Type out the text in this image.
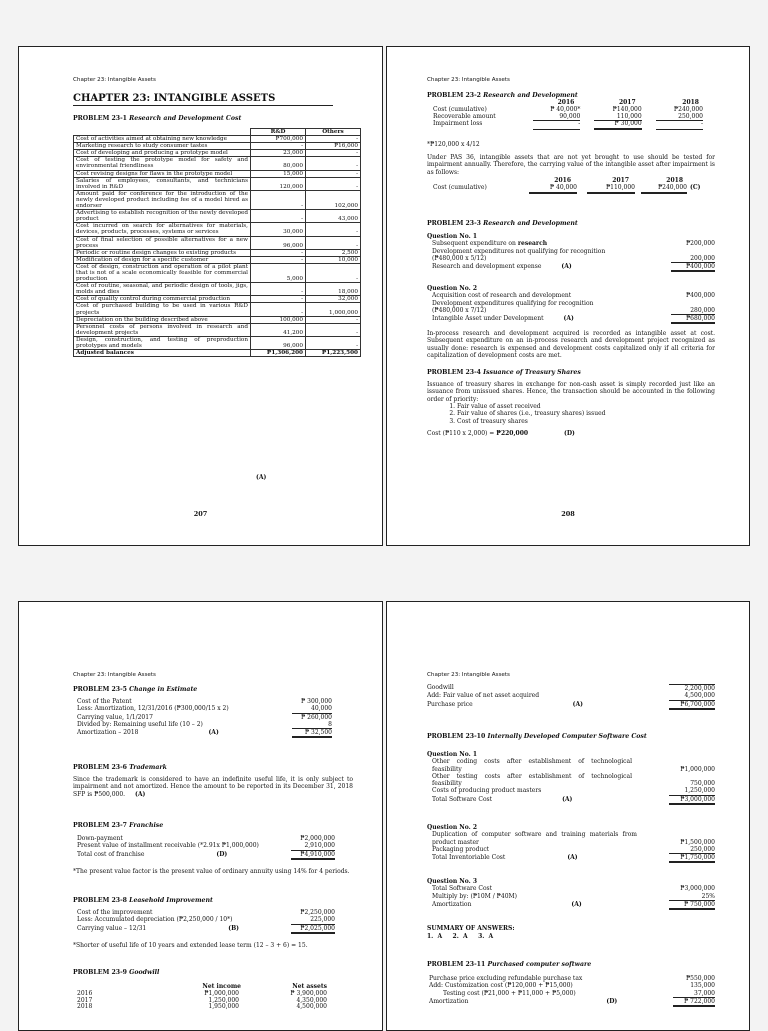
Chapter 23: Intangible Assets
CHAPTER 23: INTANGIBLE ASSETS
PROBLEM 23-1 Research and Development Cost
	R&D	Others
Cost of activities aimed at obtaining new knowledge	₱700,000	-
Marketing research to study consumer tastes	-	₱16,000
Cost of developing and producing a prototype model	23,000	-
Cost of testing the prototype model for safety and environmental friendliness	80,000	-
Cost revising designs for flaws in the prototype model	15,000	-
Salaries of employees, consultants, and technicians involved in R&D	120,000	-
Amount paid for conference for the introduction of the newly developed product including fee of a model hired as endorser	-	102,000
Advertising to establish recognition of the newly developed product	-	43,000
Cost incurred on search for alternatives for materials, devices, products, processes, systems or services	30,000	-
Cost of final selection of possible alternatives for a new process	96,000	-
Periodic or routine design changes to existing products	-	2,500
Modification of design for a specific customer	-	10,000
Cost of design, construction and operation of a pilot plant that is not of a scale economically feasible for commercial production	5,000	-
Cost of routine, seasonal, and periodic design of tools, jigs, molds and dies	-	18,000
Cost of quality control during commercial production	-	32,000
Cost of purchased building to be used in various R&D projects	-	1,000,000
Depreciation on the building described above	100,000	-
Personnel costs of persons involved in research and development projects	41,200	-
Design, construction, and testing of preproduction prototypes and models	96,000	-
Adjusted balances	₱1,306,200	₱1,223,500
(A)
207
Chapter 23: Intangible Assets
PROBLEM 23-2 Research and Development
2016	2017	2018
Cost (cumulative)	₱ 40,000*	₱140,000	₱240,000
Recoverable amount	90,000	110,000	250,000
Impairment loss	-	₱ 30,000	-
*₱120,000 x 4/12
Under PAS 36, intangible assets that are not yet brought to use should be tested for impairment annually. Therefore, the carrying value of the intangible asset after impairment is as follows:
2016	2017	2018
Cost (cumulative)	₱ 40,000	₱110,000	₱240,000 (C)
PROBLEM 23-3 Research and Development
Question No. 1
Subsequent expenditure on research	₱200,000
Development expenditures not qualifying for recognition
(₱480,000 x 5/12)	200,000
Research and development expense	(A)	₱400,000
Question No. 2
Acquisition cost of research and development	₱400,000
Development expenditures qualifying for recognition
(₱480,000 x 7/12)	280,000
Intangible Asset under Development	(A)	₱680,000
In-process research and development acquired is recorded as intangible asset at cost. Subsequent expenditure on an in-process research and development project recognized as usually done: research is expensed and development costs capitalized only if all criteria for capitalization of development costs are met.
PROBLEM 23-4 Issuance of Treasury Shares
Issuance of treasury shares in exchange for non-cash asset is simply recorded just like an issuance from unissued shares. Hence, the transaction should be accounted in the following order of priority:
1. Fair value of asset received
2. Fair value of shares (i.e., treasury shares) issued
3. Cost of treasury shares
Cost (₱110 x 2,000) = ₱220,000	(D)
208
Chapter 23: Intangible Assets
PROBLEM 23-5 Change in Estimate
Cost of the Patent	₱ 300,000
Less: Amortization, 12/31/2016 (₱300,000/15 x 2)	40,000
Carrying value, 1/1/2017	₱ 260,000
Divided by: Remaining useful life (10 – 2)	8
Amortization – 2018	(A)	₱ 32,500
PROBLEM 23-6 Trademark
Since the trademark is considered to have an indefinite useful life, it is only subject to impairment and not amortized. Hence the amount to be reported in its December 31, 2018 SFP is ₱500,000. (A)
PROBLEM 23-7 Franchise
Down-payment	₱2,000,000
Present value of installment receivable (*2.91x ₱1,000,000)	2,910,000
Total cost of franchise	(D)	₱4,910,000
*The present value factor is the present value of ordinary annuity using 14% for 4 periods.
PROBLEM 23-8 Leasehold Improvement
Cost of the improvement	₱2,250,000
Less: Accumulated depreciation (₱2,250,000 / 10*)	225,000
Carrying value – 12/31	(B)	₱2,025,000
*Shorter of useful life of 10 years and extended lease term (12 – 3 + 6) = 15.
PROBLEM 23-9 Goodwill
Net income	Net assets
2016	₱1,000,000	₱ 3,900,000
2017	1,250,000	4,350,000
2018	1,950,000	4,500,000
Chapter 23: Intangible Assets
Goodwill	2,200,000
Add: Fair value of net asset acquired	4,500,000
Purchase price	(A)	₱6,700,000
PROBLEM 23-10 Internally Developed Computer Software Cost
Question No. 1
Other coding costs after establishment of technological feasibility	₱1,000,000
Other testing costs after establishment of technological feasibility	750,000
Costs of producing product masters	1,250,000
Total Software Cost	(A)	₱3,000,000
Question No. 2
Duplication of computer software and training materials from product master	₱1,500,000
Packaging product	250,000
Total Inventoriable Cost	(A)	₱1,750,000
Question No. 3
Total Software Cost	₱3,000,000
Multiply by: (₱10M / ₱40M)	25%
Amortization	(A)	₱ 750,000
SUMMARY OF ANSWERS:
1.  A     2.  A     3.  A
PROBLEM 23-11 Purchased computer software
Purchase price excluding refundable purchase tax	₱550,000
Add: Customization cost (₱120,000 + ₱15,000)	135,000
Testing cost (₱21,000 + ₱11,000 + ₱5,000)	37,000
Amortization	(D)	₱ 722,000
